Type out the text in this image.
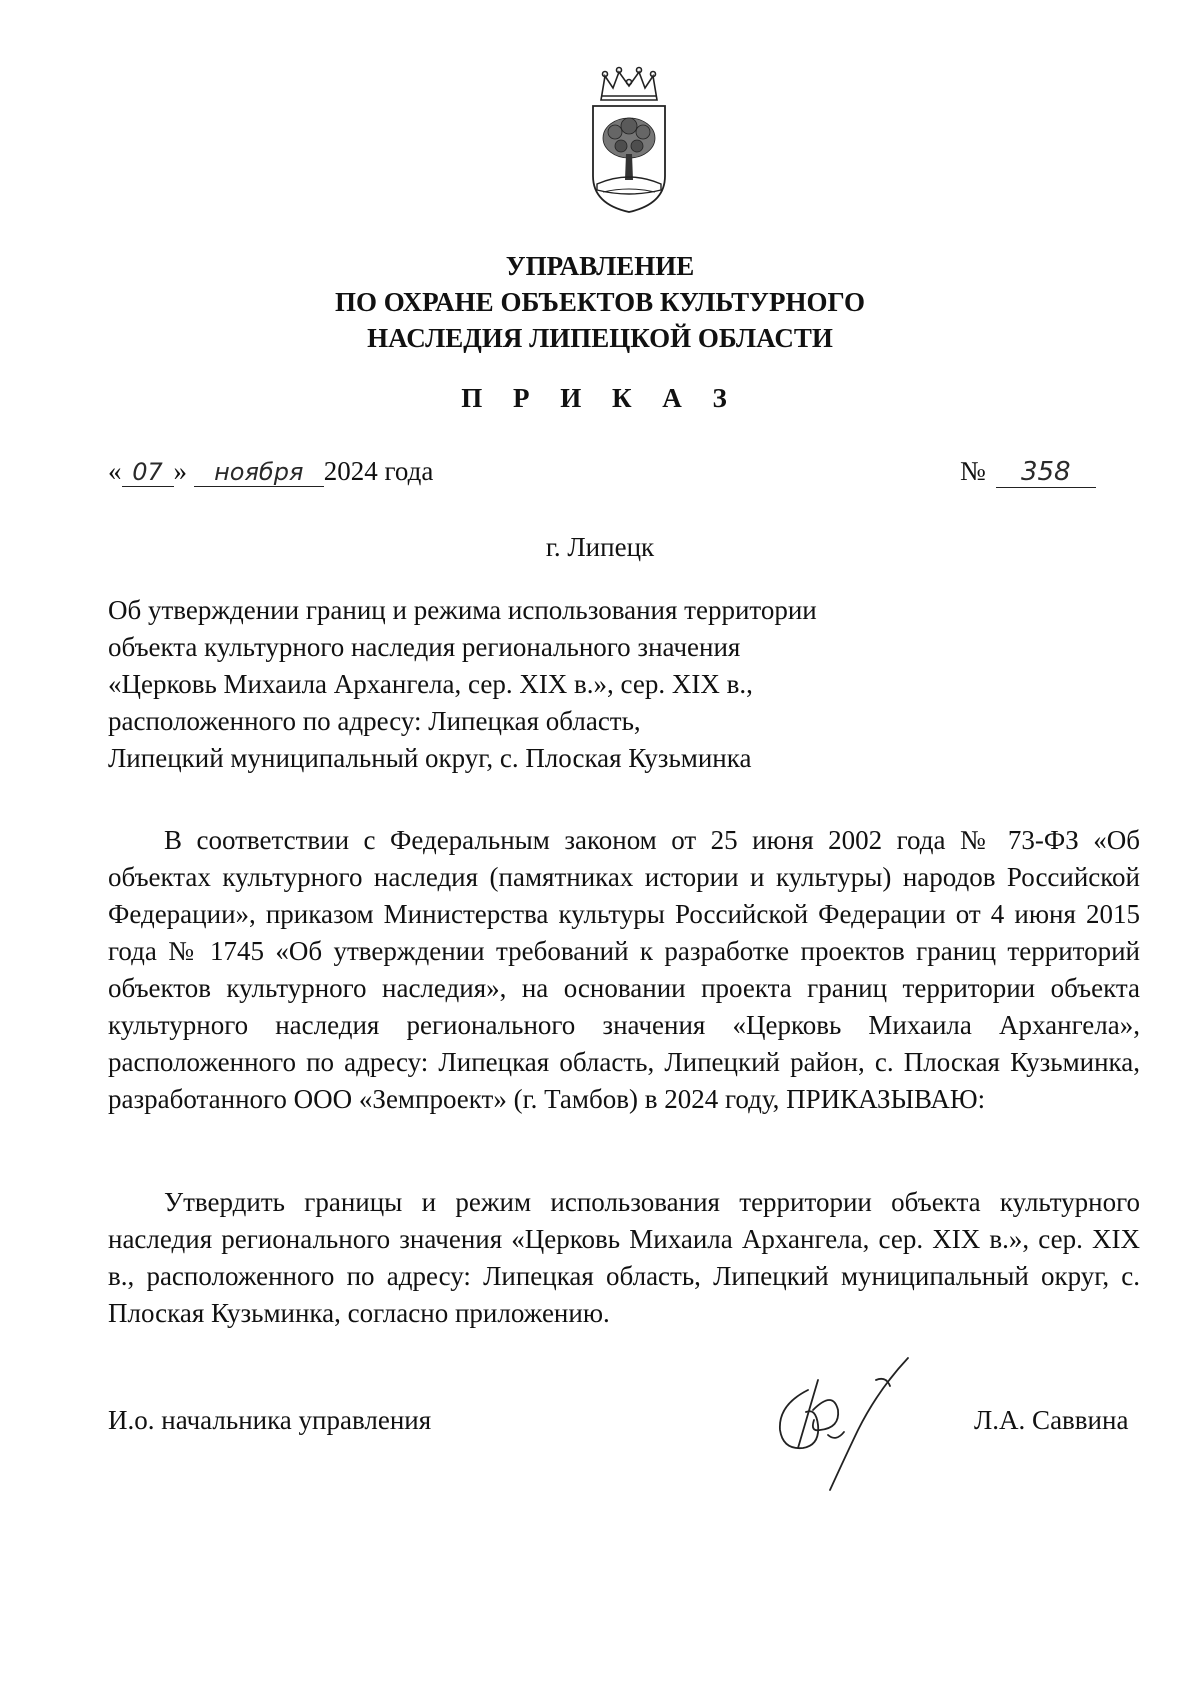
УПРАВЛЕНИЕ
ПО ОХРАНЕ ОБЪЕКТОВ КУЛЬТУРНОГО
НАСЛЕДИЯ ЛИПЕЦКОЙ ОБЛАСТИ
П Р И К А З
« 07 » ноября 2024 года	№ 358
г. Липецк
Об утверждении границ и режима использования территории
объекта культурного наследия регионального значения
«Церковь Михаила Архангела, сер. XIX в.», сер. XIX в.,
расположенного по адресу: Липецкая область,
Липецкий муниципальный округ, с. Плоская Кузьминка

В соответствии с Федеральным законом от 25 июня 2002 года № 73-ФЗ «Об объектах культурного наследия (памятниках истории и культуры) народов Российской Федерации», приказом Министерства культуры Российской Федерации от 4 июня 2015 года № 1745 «Об утверждении требований к разработке проектов границ территорий объектов культурного наследия», на основании проекта границ территории объекта культурного наследия регионального значения «Церковь Михаила Архангела», расположенного по адресу: Липецкая область, Липецкий район, с. Плоская Кузьминка, разработанного ООО «Земпроект» (г. Тамбов) в 2024 году, ПРИКАЗЫВАЮ:

Утвердить границы и режим использования территории объекта культурного наследия регионального значения «Церковь Михаила Архангела, сер. XIX в.», сер. XIX в., расположенного по адресу: Липецкая область, Липецкий муниципальный округ, с. Плоская Кузьминка, согласно приложению.

И.о. начальника управления	Л.А. Саввина
